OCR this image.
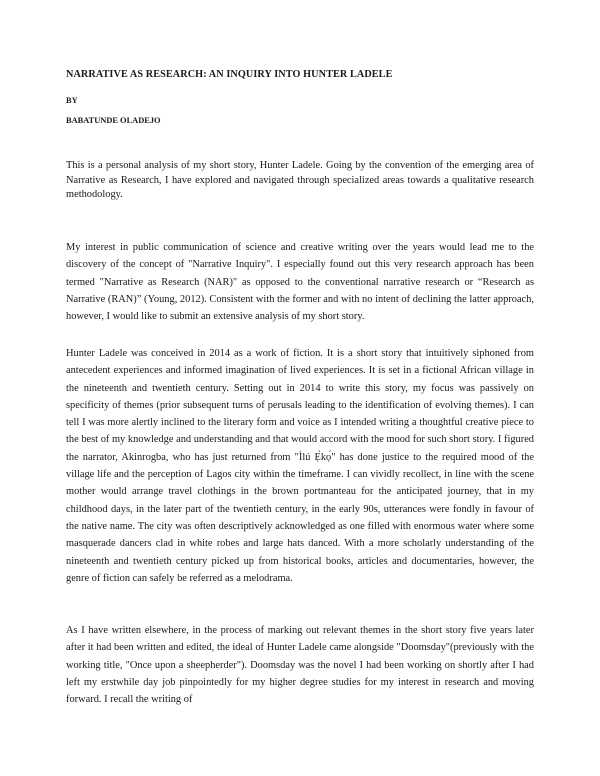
NARRATIVE AS RESEARCH: AN INQUIRY INTO HUNTER LADELE
BY
BABATUNDE OLADEJO

This is a personal analysis of my short story, Hunter Ladele. Going by the convention of the emerging area of Narrative as Research, I have explored and navigated through specialized areas towards a qualitative research methodology.

My interest in public communication of science and creative writing over the years would lead me to the discovery of the concept of "Narrative Inquiry". I especially found out this very research approach has been termed "Narrative as Research (NAR)" as opposed to the conventional narrative research or “Research as Narrative (RAN)” (Young, 2012). Consistent with the former and with no intent of declining the latter approach, however, I would like to submit an extensive analysis of my short story.

Hunter Ladele was conceived in 2014 as a work of fiction. It is a short story that intuitively siphoned from antecedent experiences and informed imagination of lived experiences. It is set in a fictional African village in the nineteenth and twentieth century. Setting out in 2014 to write this story, my focus was passively on specificity of themes (prior subsequent turns of perusals leading to the identification of evolving themes). I can tell I was more alertly inclined to the literary form and voice as I intended writing a thoughtful creative piece to the best of my knowledge and understanding and that would accord with the mood for such short story. I figured the narrator, Akinrogba, who has just returned from "Ìlú Ẹ̀kọ́" has done justice to the required mood of the village life and the perception of Lagos city within the timeframe. I can vividly recollect, in line with the scene mother would arrange travel clothings in the brown portmanteau for the anticipated journey, that in my childhood days, in the later part of the twentieth century, in the early 90s, utterances were fondly in favour of the native name. The city was often descriptively acknowledged as one filled with enormous water where some masquerade dancers clad in white robes and large hats danced. With a more scholarly understanding of the nineteenth and twentieth century picked up from historical books, articles and documentaries, however, the genre of fiction can safely be referred as a melodrama.

As I have written elsewhere, in the process of marking out relevant themes in the short story five years later after it had been written and edited, the ideal of Hunter Ladele came alongside "Doomsday"(previously with the working title, "Once upon a sheepherder"). Doomsday was the novel I had been working on shortly after I had left my erstwhile day job pinpointedly for my higher degree studies for my interest in research and moving forward. I recall the writing of
